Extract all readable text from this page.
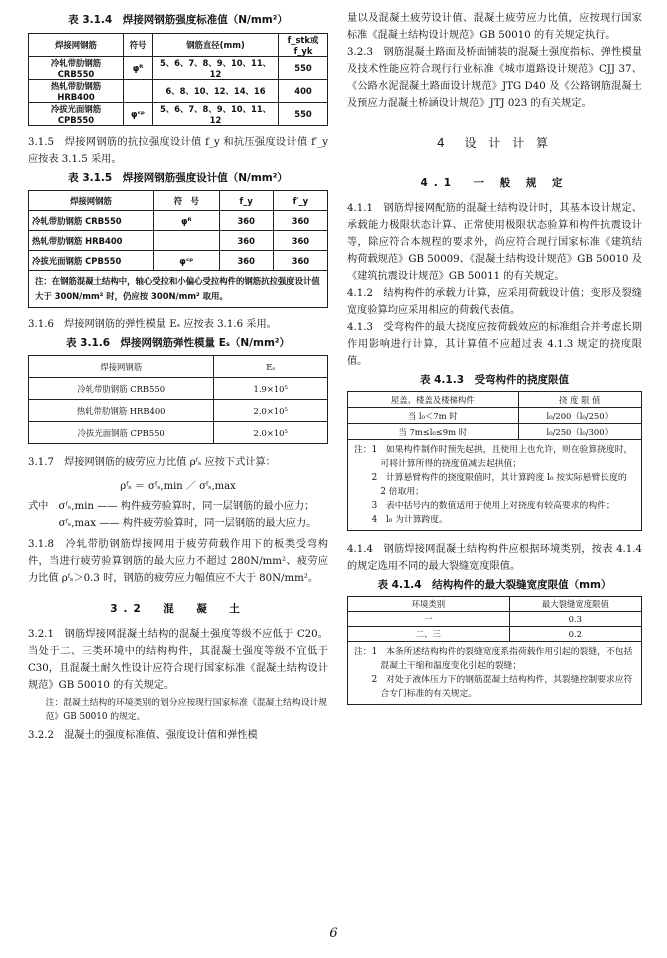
表 3.1.4　焊接网钢筋强度标准值（N/mm²）

焊接网钢筋	符号	钢筋直径(mm)	f_stk或f_yk
冷轧带肋钢筋 CRB550	φᴿ	5、6、7、8、9、10、11、12	550
热轧带肋钢筋 HRB400		6、8、10、12、14、16	400
冷拔光面钢筋 CPB550	φᶜᵖ	5、6、7、8、9、10、11、12	550

3.1.5　焊接网钢筋的抗拉强度设计值 f_y 和抗压强度设计值 f′_y 应按表 3.1.5 采用。

表 3.1.5　焊接网钢筋强度设计值（N/mm²）

焊接网钢筋	符　号	f_y	f′_y
冷轧带肋钢筋 CRB550	φᴿ	360	360
热轧带肋钢筋 HRB400		360	360
冷拔光面钢筋 CPB550	φᶜᵖ	360	360
注：在钢筋混凝土结构中，轴心受拉和小偏心受拉构件的钢筋抗拉强度设计值大于 300N/mm² 时，仍应按 300N/mm² 取用。			

3.1.6　焊接网钢筋的弹性模量 Eₛ 应按表 3.1.6 采用。

表 3.1.6　焊接网钢筋弹性模量 Eₛ（N/mm²）

焊接网钢筋	Eₛ
冷轧带肋钢筋 CRB550	1.9×10⁵
热轧带肋钢筋 HRB400	2.0×10⁵
冷拔光面钢筋 CPB550	2.0×10⁵

3.1.7　焊接网钢筋的疲劳应力比值 ρᶠₛ 应按下式计算：

ρᶠₛ ＝ σᶠₛ,min ／ σᶠₛ,max

式中　σᶠₛ,min —— 构件疲劳验算时，同一层钢筋的最小应力；

σᶠₛ,max —— 构件疲劳验算时，同一层钢筋的最大应力。

3.1.8　冷轧带肋钢筋焊接网用于疲劳荷载作用下的板类受弯构件，当进行疲劳验算钢筋的最大应力不超过 280N/mm²、疲劳应力比值 ρᶠₛ＞0.3 时，钢筋的疲劳应力幅值应不大于 80N/mm²。

3.2　混　凝　土

3.2.1　钢筋焊接网混凝土结构的混凝土强度等级不应低于 C20。当处于二、三类环境中的结构构件，其混凝土强度等级不宜低于 C30，且混凝土耐久性设计应符合现行国家标准《混凝土结构设计规范》GB 50010 的有关规定。

注：混凝土结构的环境类别的划分应按现行国家标准《混凝土结构设计规范》GB 50010 的规定。

3.2.2　混凝土的强度标准值、强度设计值和弹性模

量以及混凝土疲劳设计值、混凝土疲劳应力比值，应按现行国家标准《混凝土结构设计规范》GB 50010 的有关规定执行。

3.2.3　钢筋混凝土路面及桥面铺装的混凝土强度指标、弹性模量及技术性能应符合现行行业标准《城市道路设计规范》CJJ 37、《公路水泥混凝土路面设计规范》JTG D40 及《公路钢筋混凝土及预应力混凝土桥涵设计规范》JTJ 023 的有关规定。

4　设 计 计 算

4.1　一 般 规 定

4.1.1　钢筋焊接网配筋的混凝土结构设计时，其基本设计规定、承载能力极限状态计算、正常使用极限状态验算和构件抗震设计等，除应符合本规程的要求外，尚应符合现行国家标准《建筑结构荷载规范》GB 50009、《混凝土结构设计规范》GB 50010 及《建筑抗震设计规范》GB 50011 的有关规定。

4.1.2　结构构件的承载力计算，应采用荷载设计值；变形及裂缝宽度验算均应采用相应的荷载代表值。

4.1.3　受弯构件的最大挠度应按荷载效应的标准组合并考虑长期作用影响进行计算，其计算值不应超过表 4.1.3 规定的挠度限值。

表 4.1.3　受弯构件的挠度限值

屋盖、楼盖及楼梯构件	挠 度 限 值
当 l₀＜7m 时	l₀/200（l₀/250）
当 7m≤l₀≤9m 时	l₀/250（l₀/300）

注：1　如果构件制作时预先起拱，且使用上也允许，则在验算挠度时，可将计算所得的挠度值减去起拱值；

2　计算悬臂构件的挠度限值时，其计算跨度 l₀ 按实际悬臂长度的 2 倍取用；

3　表中括号内的数值适用于使用上对挠度有较高要求的构件；

4　l₀ 为计算跨度。	

4.1.4　钢筋焊接网混凝土结构构件应根据环境类别，按表 4.1.4 的规定选用不同的最大裂缝宽度限值。

表 4.1.4　结构构件的最大裂缝宽度限值（mm）

环境类别	最大裂缝宽度限值
一	0.3
二、三	0.2

注：1　本条所述结构构件的裂缝宽度系指荷载作用引起的裂缝，不包括混凝土干缩和温度变化引起的裂缝；

2　对处于液体压力下的钢筋混凝土结构构件，其裂缝控制要求应符合专门标准的有关规定。	

6
